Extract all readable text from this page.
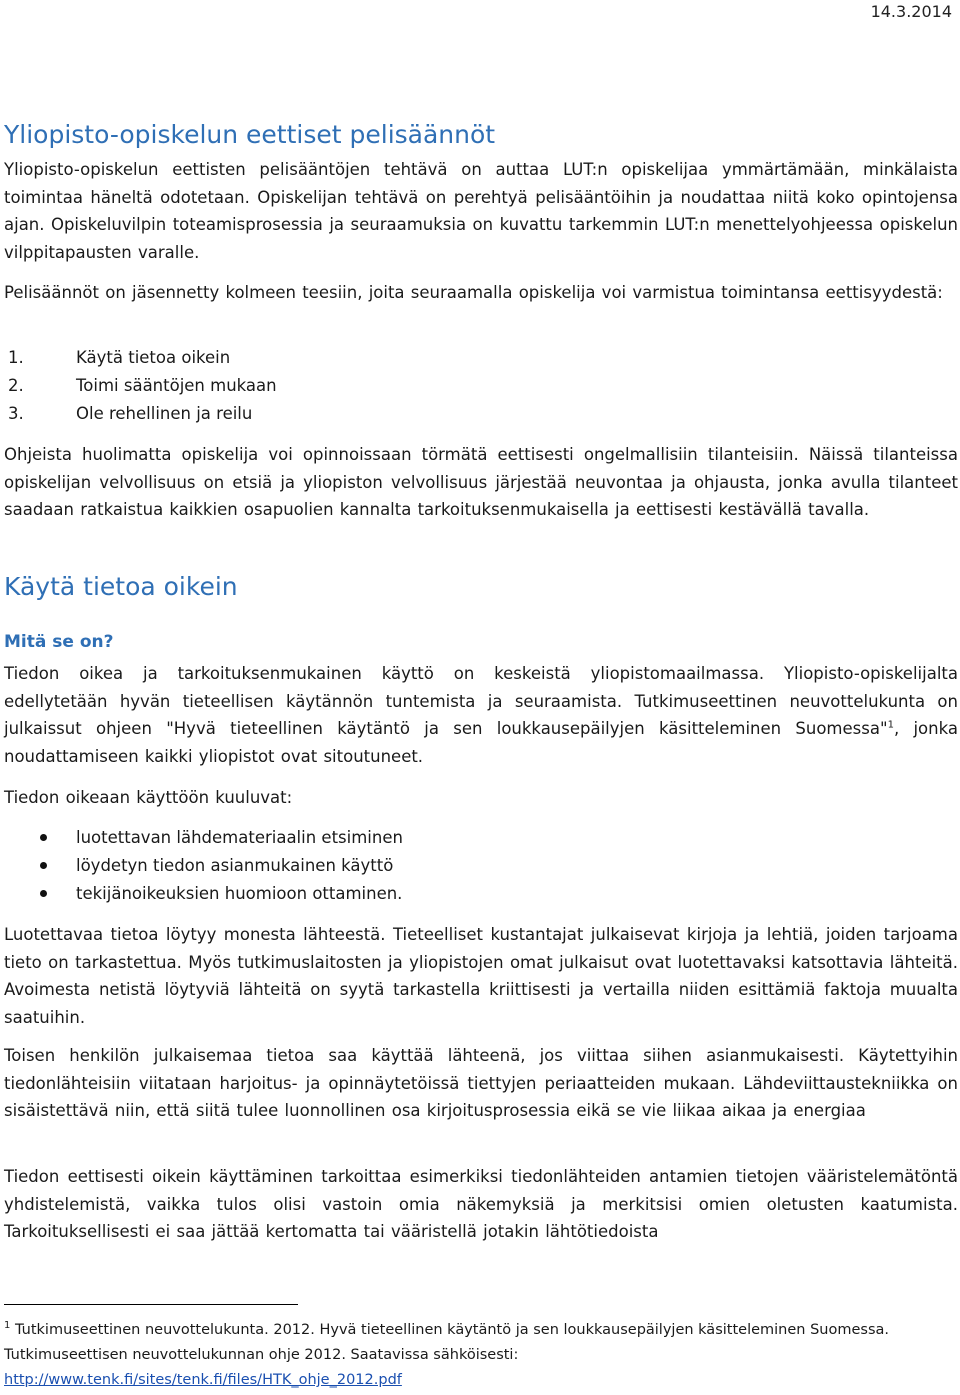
14.3.2014
Yliopisto-opiskelun eettiset pelisäännöt

Yliopisto-opiskelun eettisten pelisääntöjen tehtävä on auttaa LUT:n opiskelijaa ymmärtämään, minkälaista toimintaa häneltä odotetaan. Opiskelijan tehtävä on perehtyä pelisääntöihin ja noudattaa niitä koko opintojensa ajan. Opiskeluvilpin toteamisprosessia ja seuraamuksia on kuvattu tarkemmin LUT:n menettelyohjeessa opiskelun vilppitapausten varalle.

Pelisäännöt on jäsennetty kolmeen teesiin, joita seuraamalla opiskelija voi varmistua toimintansa eettisyydestä:

1.	Käytä tietoa oikein
2.	Toimi sääntöjen mukaan
3.	Ole rehellinen ja reilu

Ohjeista huolimatta opiskelija voi opinnoissaan törmätä eettisesti ongelmallisiin tilanteisiin. Näissä tilanteissa opiskelijan velvollisuus on etsiä ja yliopiston velvollisuus järjestää neuvontaa ja ohjausta, jonka avulla tilanteet saadaan ratkaistua kaikkien osapuolien kannalta tarkoituksenmukaisella ja eettisesti kestävällä tavalla.

Käytä tietoa oikein
Mitä se on?

Tiedon oikea ja tarkoituksenmukainen käyttö on keskeistä yliopistomaailmassa. Yliopisto-opiskelijalta edellytetään hyvän tieteellisen käytännön tuntemista ja seuraamista. Tutkimuseettinen neuvottelukunta on julkaissut ohjeen "Hyvä tieteellinen käytäntö ja sen loukkausepäilyjen käsitteleminen Suomessa"$^1$, jonka noudattamiseen kaikki yliopistot ovat sitoutuneet.

Tiedon oikeaan käyttöön kuuluvat:

luotettavan lähdemateriaalin etsiminen
löydetyn tiedon asianmukainen käyttö
tekijänoikeuksien huomioon ottaminen.

Luotettavaa tietoa löytyy monesta lähteestä. Tieteelliset kustantajat julkaisevat kirjoja ja lehtiä, joiden tarjoama tieto on tarkastettua. Myös tutkimuslaitosten ja yliopistojen omat julkaisut ovat luotettavaksi katsottavia lähteitä. Avoimesta netistä löytyviä lähteitä on syytä tarkastella kriittisesti ja vertailla niiden esittämiä faktoja muualta saatuihin.

Toisen henkilön julkaisemaa tietoa saa käyttää lähteenä, jos viittaa siihen asianmukaisesti. Käytettyihin tiedonlähteisiin viitataan harjoitus- ja opinnäytetöissä tiettyjen periaatteiden mukaan. Lähdeviittaustekniikka on sisäistettävä niin, että siitä tulee luonnollinen osa kirjoitusprosessia eikä se vie liikaa aikaa ja energiaa

Tiedon eettisesti oikein käyttäminen tarkoittaa esimerkiksi tiedonlähteiden antamien tietojen vääristelemätöntä yhdistelemistä, vaikka tulos olisi vastoin omia näkemyksiä ja merkitsisi omien oletusten kaatumista. Tarkoituksellisesti ei saa jättää kertomatta tai vääristellä jotakin lähtötiedoista

$^1$ Tutkimuseettinen neuvottelukunta. 2012. Hyvä tieteellinen käytäntö ja sen loukkausepäilyjen käsitteleminen Suomessa. Tutkimuseettisen neuvottelukunnan ohje 2012. Saatavissa sähköisesti:
http://www.tenk.fi/sites/tenk.fi/files/HTK_ohje_2012.pdf
